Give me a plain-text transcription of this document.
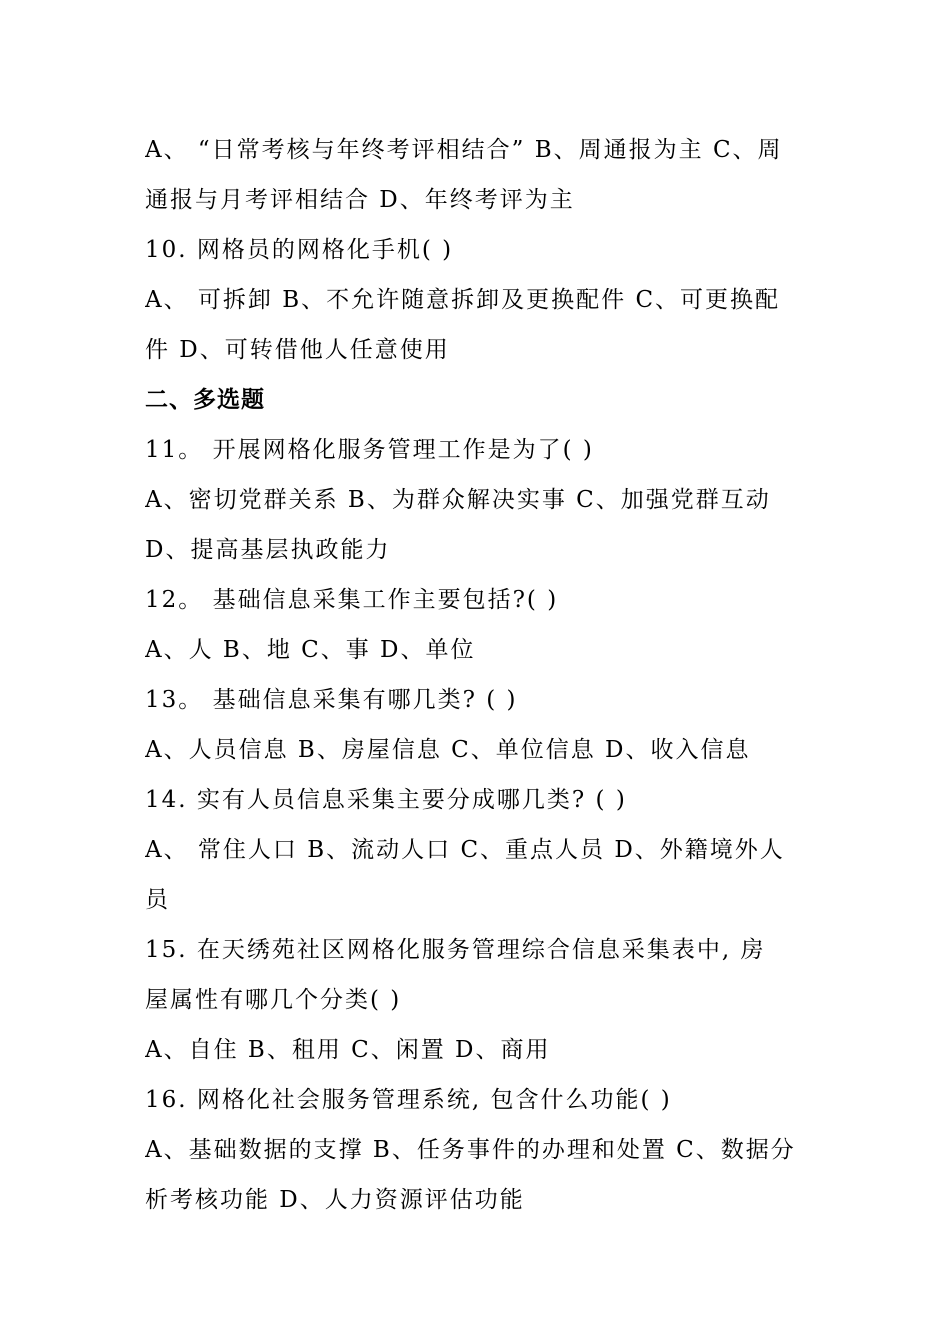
A、 “日常考核与年终考评相结合” B、周通报为主 C、周
通报与月考评相结合 D、年终考评为主
10. 网格员的网格化手机( )
A、 可拆卸 B、不允许随意拆卸及更换配件 C、可更换配
件 D、可转借他人任意使用
二、多选题
11。 开展网格化服务管理工作是为了( )
A、密切党群关系 B、为群众解决实事 C、加强党群互动
D、提高基层执政能力
12。 基础信息采集工作主要包括?( )
A、人 B、地 C、事 D、单位
13。 基础信息采集有哪几类? ( )
A、人员信息 B、房屋信息 C、单位信息 D、收入信息
14. 实有人员信息采集主要分成哪几类? ( )
A、 常住人口 B、流动人口 C、重点人员 D、外籍境外人
员
15. 在天绣苑社区网格化服务管理综合信息采集表中, 房
屋属性有哪几个分类( )
A、自住 B、租用 C、闲置 D、商用
16. 网格化社会服务管理系统, 包含什么功能( )
A、基础数据的支撑 B、任务事件的办理和处置 C、数据分
析考核功能 D、人力资源评估功能
